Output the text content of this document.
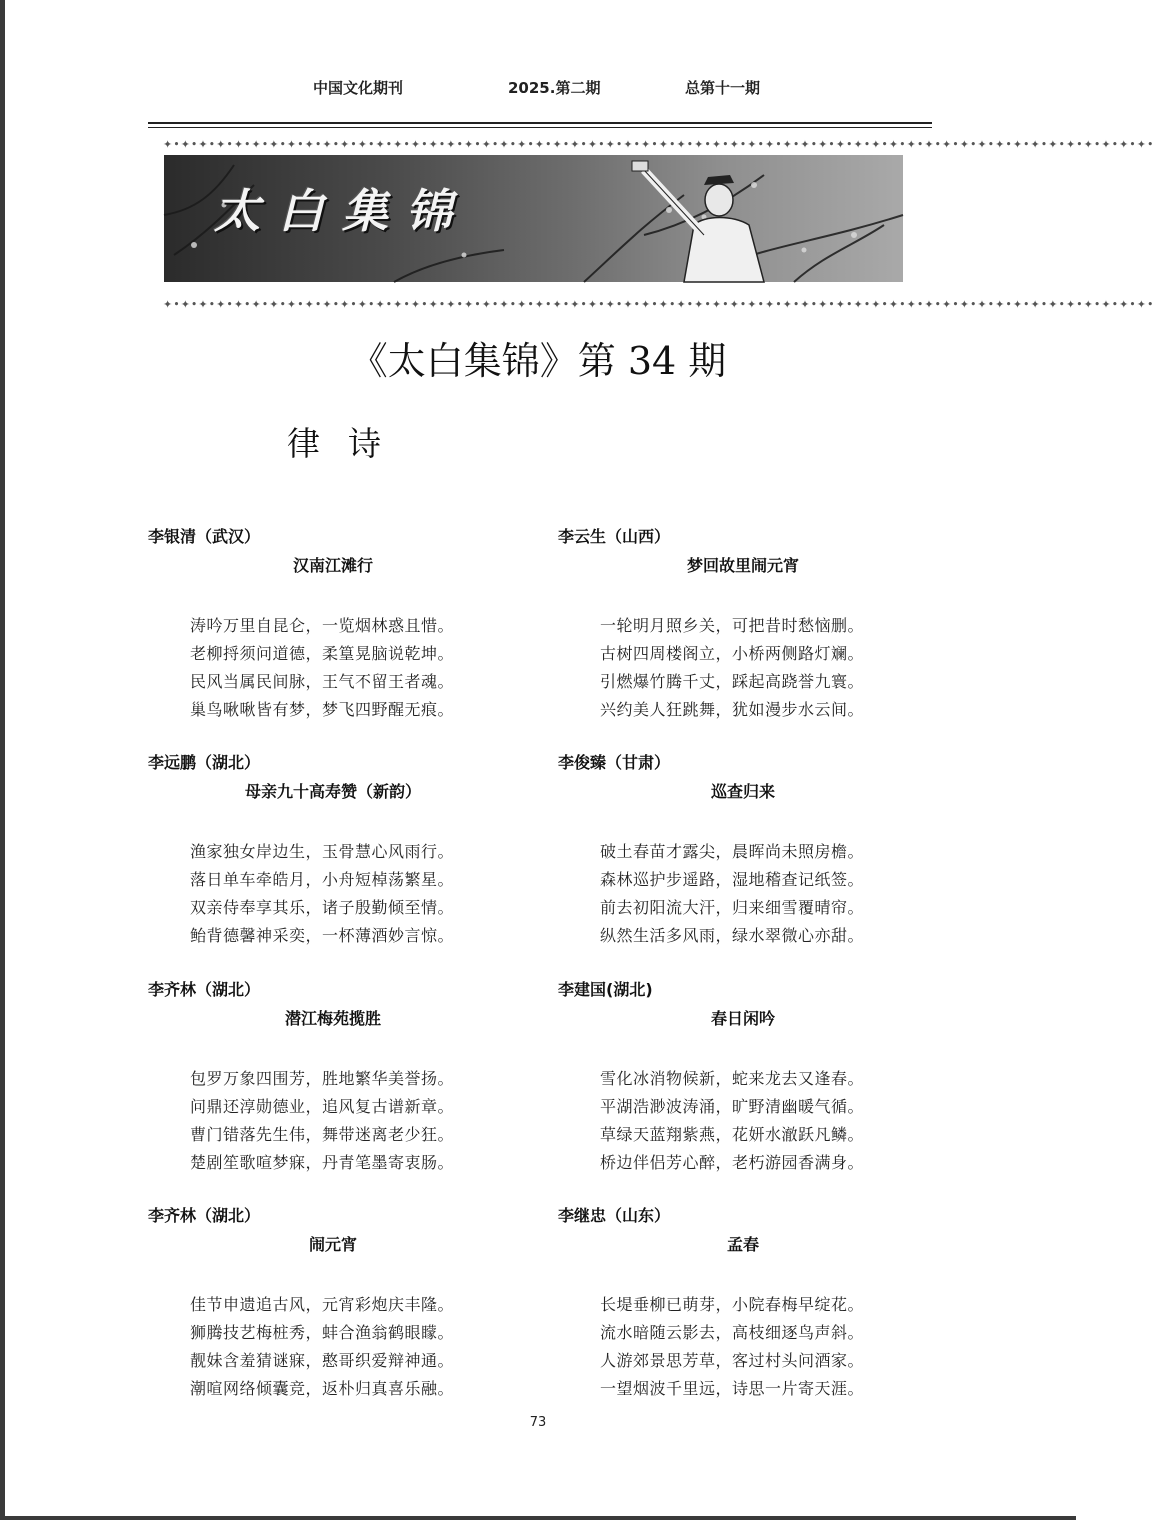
中国文化期刊	2025.第二期	总第十一期
✦•✦•✦•✦•✦•✦•✦•✦•✦•✦•✦•✦•✦•✦•✦•✦•✦•✦•✦•✦•✦•✦•✦•✦•✦•✦•✦•✦•✦•✦•✦•✦•✦•✦•✦•✦•✦•✦•✦•✦•✦•✦•✦•✦•✦•✦•✦•✦•✦•✦•✦•✦•✦•✦•✦•✦•
太白集锦
✦•✦•✦•✦•✦•✦•✦•✦•✦•✦•✦•✦•✦•✦•✦•✦•✦•✦•✦•✦•✦•✦•✦•✦•✦•✦•✦•✦•✦•✦•✦•✦•✦•✦•✦•✦•✦•✦•✦•✦•✦•✦•✦•✦•✦•✦•✦•✦•✦•✦•✦•✦•✦•✦•✦•✦•
《太白集锦》第 34 期
律诗
李银清（武汉）
汉南江滩行
涛吟万里自昆仑，一览烟林惑且惜。
老柳捋须问道德，柔篁晃脑说乾坤。
民风当属民间脉，王气不留王者魂。
巢鸟啾啾皆有梦，梦飞四野醒无痕。
李云生（山西）
梦回故里闹元宵
一轮明月照乡关，可把昔时愁恼删。
古树四周楼阁立，小桥两侧路灯斓。
引燃爆竹腾千丈，踩起高跷誉九寰。
兴约美人狂跳舞，犹如漫步水云间。
李远鹏（湖北）
母亲九十高寿赞（新韵）
渔家独女岸边生，玉骨慧心风雨行。
落日单车牵皓月，小舟短棹荡繁星。
双亲侍奉享其乐，诸子殷勤倾至情。
鲐背德馨神采奕，一杯薄酒妙言惊。
李俊臻（甘肃）
巡查归来
破土春苗才露尖，晨晖尚未照房檐。
森林巡护步遥路，湿地稽查记纸签。
前去初阳流大汗，归来细雪覆晴帘。
纵然生活多风雨，绿水翠微心亦甜。
李齐林（湖北）
潜江梅苑揽胜
包罗万象四围芳，胜地繁华美誉扬。
问鼎还淳勋德业，追风复古谱新章。
曹门错落先生伟，舞带迷离老少狂。
楚剧笙歌喧梦寐，丹青笔墨寄衷肠。
李建国(湖北)
春日闲吟
雪化冰消物候新，蛇来龙去又逢春。
平湖浩渺波涛涌，旷野清幽暖气循。
草绿天蓝翔紫燕，花妍水澈跃凡鳞。
桥边伴侣芳心醉，老朽游园香满身。
李齐林（湖北）
闹元宵
佳节申遗追古风，元宵彩炮庆丰隆。
狮腾技艺梅桩秀，蚌合渔翁鹤眼矇。
靓妹含羞猜谜寐，憨哥织爱辩神通。
潮喧网络倾囊竞，返朴归真喜乐融。
李继忠（山东）
孟春
长堤垂柳已萌芽，小院春梅早绽花。
流水暗随云影去，高枝细逐鸟声斜。
人游郊景思芳草，客过村头问酒家。
一望烟波千里远，诗思一片寄天涯。
73
